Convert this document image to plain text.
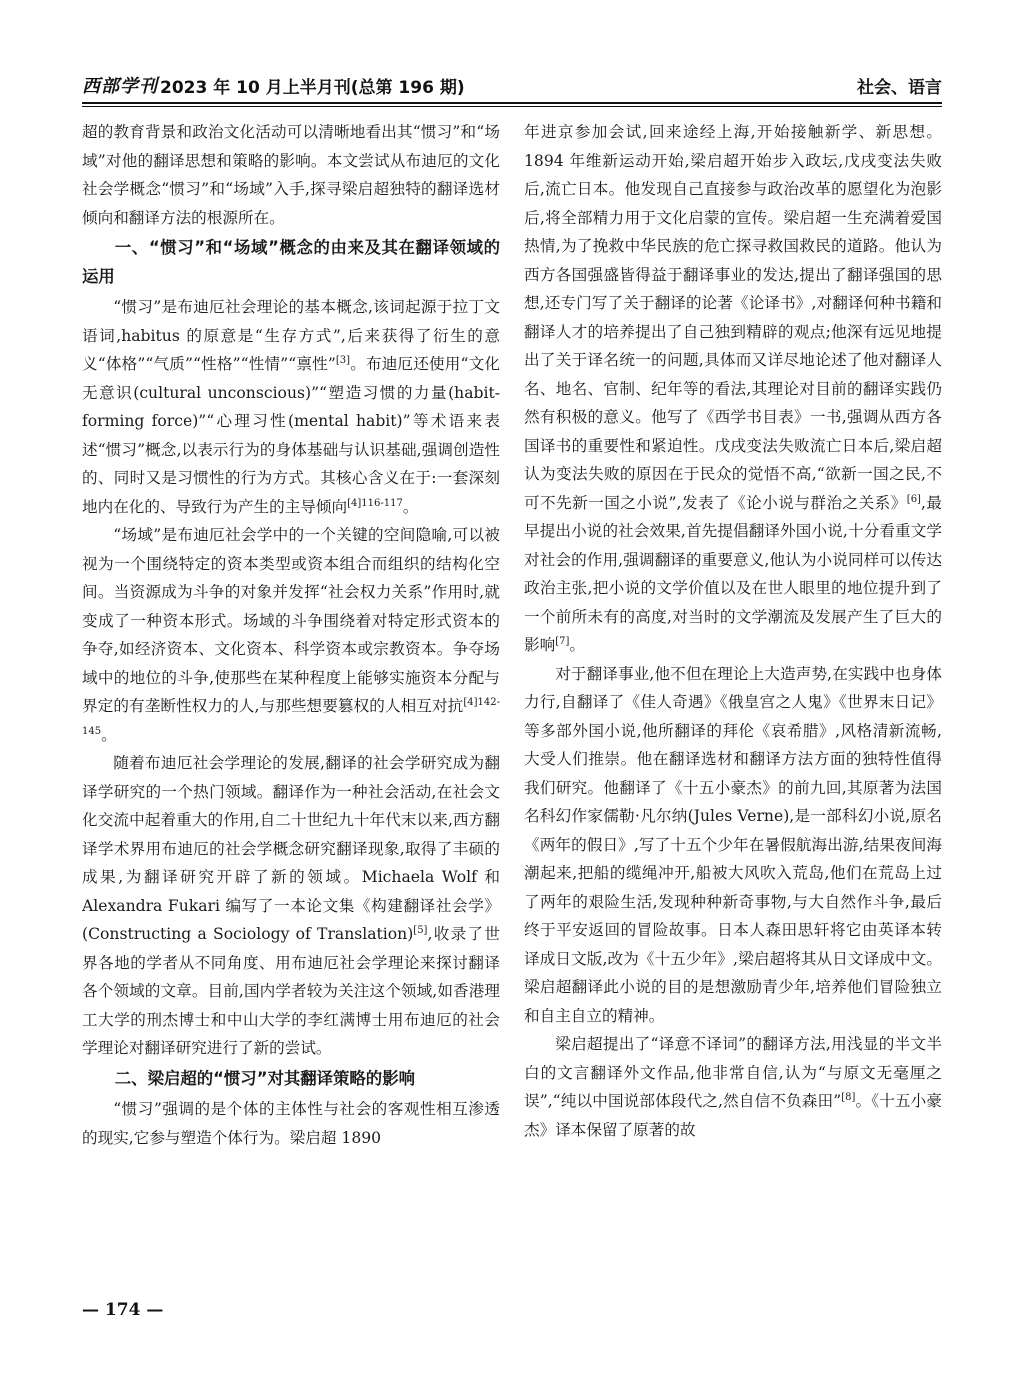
西部学刊 2023 年 10 月上半月刊(总第 196 期)	社会、语言

超的教育背景和政治文化活动可以清晰地看出其“惯习”和“场域”对他的翻译思想和策略的影响。本文尝试从布迪厄的文化社会学概念“惯习”和“场域”入手,探寻梁启超独特的翻译选材倾向和翻译方法的根源所在。

一、“惯习”和“场域”概念的由来及其在翻译领域的运用

“惯习”是布迪厄社会理论的基本概念,该词起源于拉丁文语词,habitus 的原意是“生存方式”,后来获得了衍生的意义“体格”“气质”“性格”“性情”“禀性”[3]。布迪厄还使用“文化无意识(cultural unconscious)”“塑造习惯的力量(habit-forming force)”“心理习性(mental habit)”等术语来表述“惯习”概念,以表示行为的身体基础与认识基础,强调创造性的、同时又是习惯性的行为方式。其核心含义在于:一套深刻地内在化的、导致行为产生的主导倾向$^{[4]116-117}$。

“场域”是布迪厄社会学中的一个关键的空间隐喻,可以被视为一个围绕特定的资本类型或资本组合而组织的结构化空间。当资源成为斗争的对象并发挥“社会权力关系”作用时,就变成了一种资本形式。场域的斗争围绕着对特定形式资本的争夺,如经济资本、文化资本、科学资本或宗教资本。争夺场域中的地位的斗争,使那些在某种程度上能够实施资本分配与界定的有垄断性权力的人,与那些想要篡权的人相互对抗$^{[4]142-145}$。

随着布迪厄社会学理论的发展,翻译的社会学研究成为翻译学研究的一个热门领域。翻译作为一种社会活动,在社会文化交流中起着重大的作用,自二十世纪九十年代末以来,西方翻译学术界用布迪厄的社会学概念研究翻译现象,取得了丰硕的成果,为翻译研究开辟了新的领域。Michaela Wolf 和 Alexandra Fukari 编写了一本论文集《构建翻译社会学》(Constructing a Sociology of Translation)[5],收录了世界各地的学者从不同角度、用布迪厄社会学理论来探讨翻译各个领域的文章。目前,国内学者较为关注这个领域,如香港理工大学的刑杰博士和中山大学的李红满博士用布迪厄的社会学理论对翻译研究进行了新的尝试。

二、梁启超的“惯习”对其翻译策略的影响

“惯习”强调的是个体的主体性与社会的客观性相互渗透的现实,它参与塑造个体行为。梁启超 1890

年进京参加会试,回来途经上海,开始接触新学、新思想。1894 年维新运动开始,梁启超开始步入政坛,戊戌变法失败后,流亡日本。他发现自己直接参与政治改革的愿望化为泡影后,将全部精力用于文化启蒙的宣传。梁启超一生充满着爱国热情,为了挽救中华民族的危亡探寻救国救民的道路。他认为西方各国强盛皆得益于翻译事业的发达,提出了翻译强国的思想,还专门写了关于翻译的论著《论译书》,对翻译何种书籍和翻译人才的培养提出了自己独到精辟的观点;他深有远见地提出了关于译名统一的问题,具体而又详尽地论述了他对翻译人名、地名、官制、纪年等的看法,其理论对目前的翻译实践仍然有积极的意义。他写了《西学书目表》一书,强调从西方各国译书的重要性和紧迫性。戊戌变法失败流亡日本后,梁启超认为变法失败的原因在于民众的觉悟不高,“欲新一国之民,不可不先新一国之小说”,发表了《论小说与群治之关系》[6],最早提出小说的社会效果,首先提倡翻译外国小说,十分看重文学对社会的作用,强调翻译的重要意义,他认为小说同样可以传达政治主张,把小说的文学价值以及在世人眼里的地位提升到了一个前所未有的高度,对当时的文学潮流及发展产生了巨大的影响[7]。

对于翻译事业,他不但在理论上大造声势,在实践中也身体力行,自翻译了《佳人奇遇》《俄皇宫之人鬼》《世界末日记》等多部外国小说,他所翻译的拜伦《哀希腊》,风格清新流畅,大受人们推崇。他在翻译选材和翻译方法方面的独特性值得我们研究。他翻译了《十五小豪杰》的前九回,其原著为法国名科幻作家儒勒·凡尔纳(Jules Verne),是一部科幻小说,原名《两年的假日》,写了十五个少年在暑假航海出游,结果夜间海潮起来,把船的缆绳冲开,船被大风吹入荒岛,他们在荒岛上过了两年的艰险生活,发现种种新奇事物,与大自然作斗争,最后终于平安返回的冒险故事。日本人森田思轩将它由英译本转译成日文版,改为《十五少年》,梁启超将其从日文译成中文。梁启超翻译此小说的目的是想激励青少年,培养他们冒险独立和自主自立的精神。

梁启超提出了“译意不译词”的翻译方法,用浅显的半文半白的文言翻译外文作品,他非常自信,认为“与原文无毫厘之误”,“纯以中国说部体段代之,然自信不负森田”[8]。《十五小豪杰》译本保留了原著的故

— 174 —
